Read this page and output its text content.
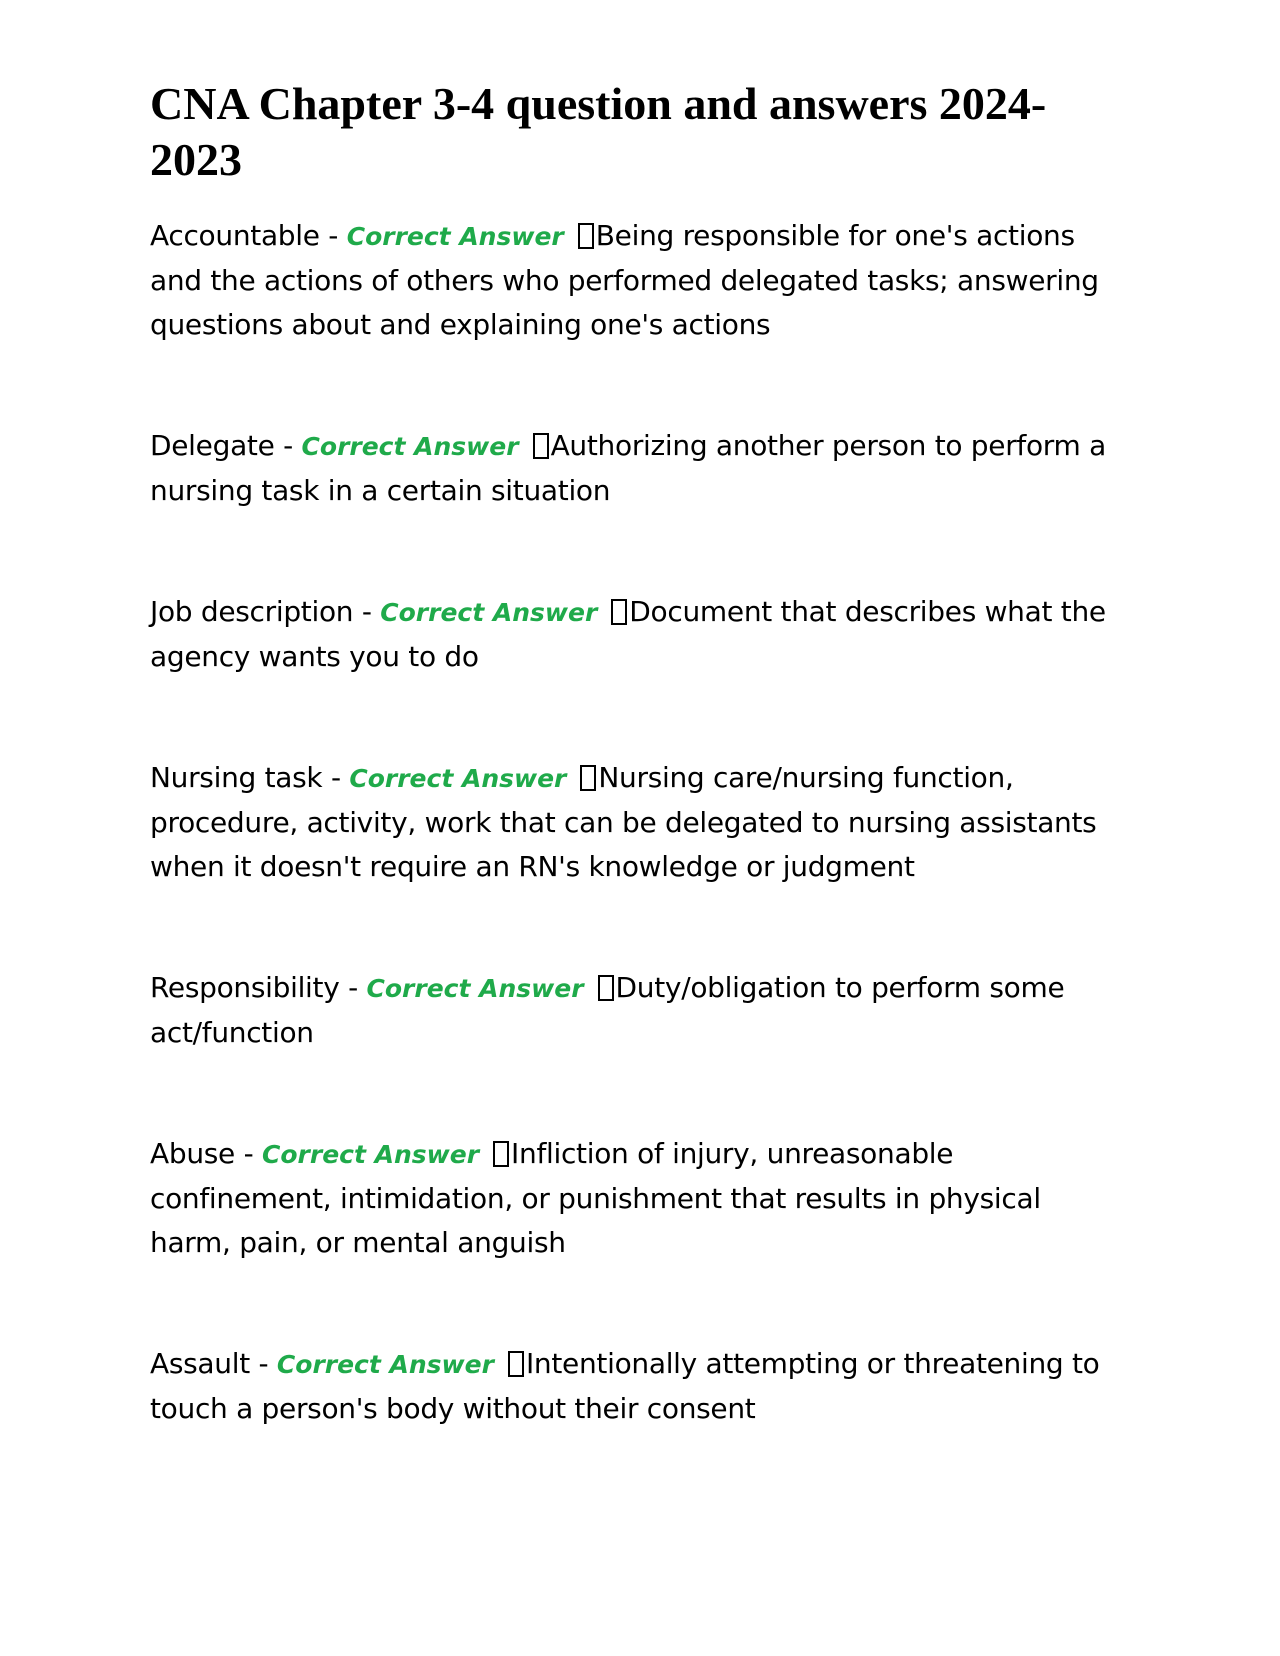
CNA Chapter 3-4 question and answers 2024-2023
Accountable - Correct Answer Being responsible for one's actions and the actions of others who performed delegated tasks; answering questions about and explaining one's actions
Delegate - Correct Answer Authorizing another person to perform a nursing task in a certain situation
Job description - Correct Answer Document that describes what the agency wants you to do
Nursing task - Correct Answer Nursing care/nursing function, procedure, activity, work that can be delegated to nursing assistants when it doesn't require an RN's knowledge or judgment
Responsibility - Correct Answer Duty/obligation to perform some act/function
Abuse - Correct Answer Infliction of injury, unreasonable confinement, intimidation, or punishment that results in physical harm, pain, or mental anguish
Assault - Correct Answer Intentionally attempting or threatening to touch a person's body without their consent
